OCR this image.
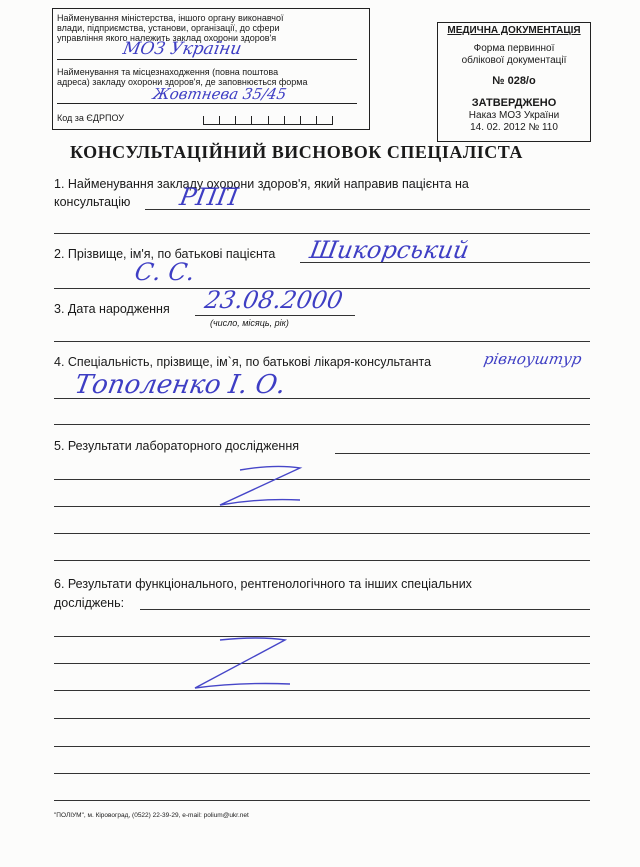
Найменування міністерства, іншого органу виконавчої
влади, підприємства, установи, організації, до сфери
управління якого належить заклад охорони здоров'я
МОЗ України
Найменування та місцезнаходження (повна поштова
адреса) закладу охорони здоров'я, де заповнюється форма
Жовтнева 35/45
Код за ЄДРПОУ
МЕДИЧНА ДОКУМЕНТАЦІЯ
Форма первинної
облікової документації
№ 028/о
ЗАТВЕРДЖЕНО
Наказ МОЗ України
14. 02. 2012 № 110
КОНСУЛЬТАЦІЙНИЙ ВИСНОВОК СПЕЦІАЛІСТА
1. Найменування закладу охорони здоров'я, який направив пацієнта на
консультацію РПП
2. Прізвище, ім'я, по батькові пацієнта Шикорський
С. С.
3. Дата народження 23.08.2000
(число, місяць, рік)
4. Спеціальність, прізвище, ім`я, по батькові лікаря-консультанта	рівноуштур
Тополенко І. О.
5. Результати лабораторного дослідження
6. Результати функціонального, рентгенологічного та інших спеціальних
досліджень:
"ПОЛІУМ", м. Кіровоград, (0522) 22-39-29, e-mail: polium@ukr.net
